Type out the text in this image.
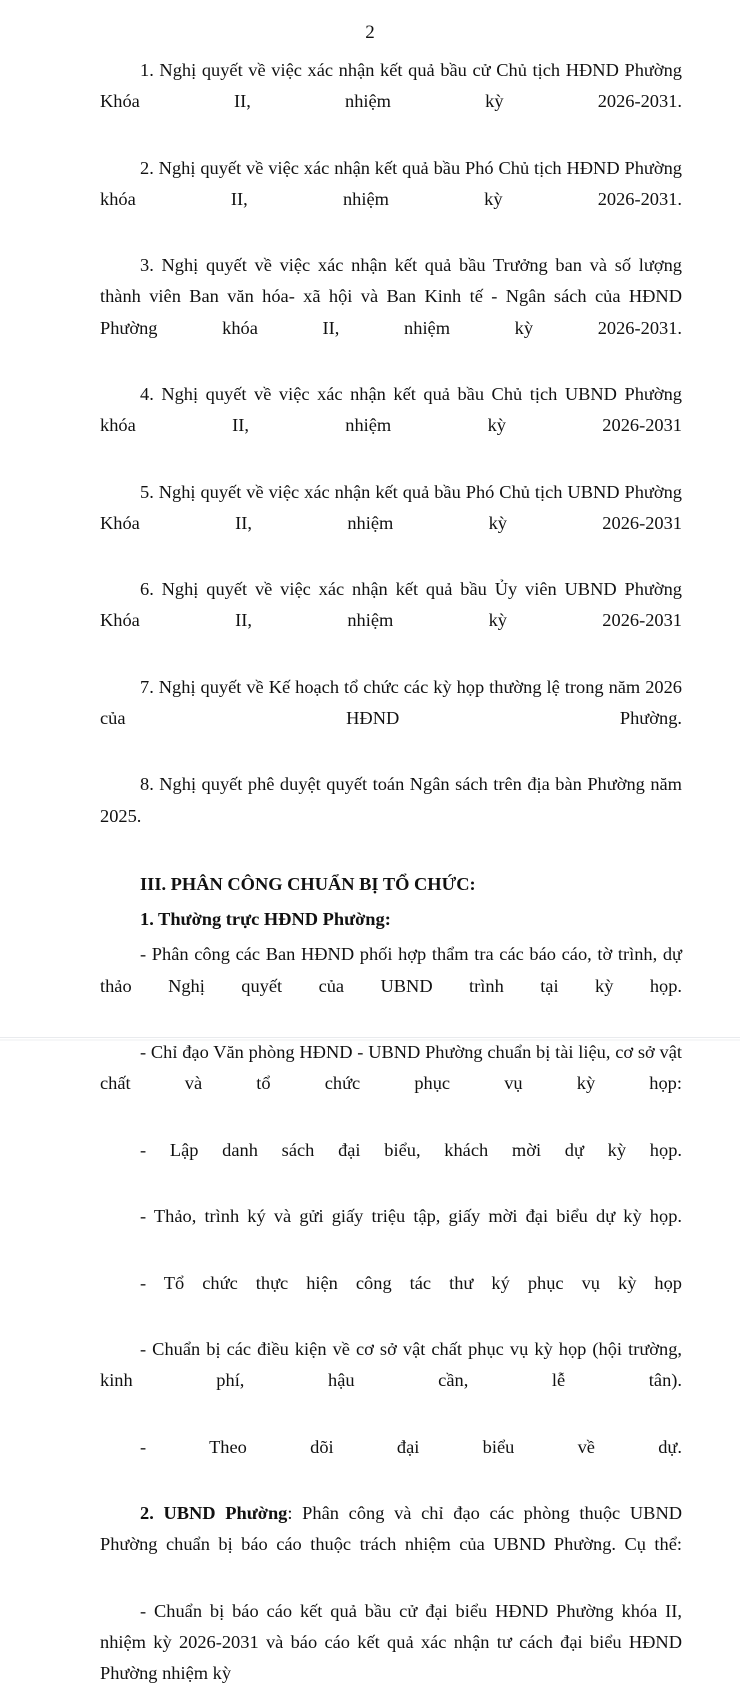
2

1. Nghị quyết về việc xác nhận kết quả bầu cử Chủ tịch HĐND Phường Khóa II, nhiệm kỳ 2026-2031.

2. Nghị quyết về việc xác nhận kết quả bầu Phó Chủ tịch HĐND Phường khóa II, nhiệm kỳ 2026-2031.

3. Nghị quyết về việc xác nhận kết quả bầu Trưởng ban và số lượng thành viên Ban văn hóa- xã hội và Ban Kinh tế - Ngân sách của HĐND Phường khóa II, nhiệm kỳ 2026-2031.

4. Nghị quyết về việc xác nhận kết quả bầu Chủ tịch UBND Phường khóa II, nhiệm kỳ 2026-2031

5. Nghị quyết về việc xác nhận kết quả bầu Phó Chủ tịch UBND Phường Khóa II, nhiệm kỳ 2026-2031

6. Nghị quyết về việc xác nhận kết quả bầu Ủy viên UBND Phường Khóa II, nhiệm kỳ 2026-2031

7. Nghị quyết về Kế hoạch tổ chức các kỳ họp thường lệ trong năm 2026 của HĐND Phường.

8. Nghị quyết phê duyệt quyết toán Ngân sách trên địa bàn Phường năm 2025.

III. PHÂN CÔNG CHUẨN BỊ TỔ CHỨC:

1. Thường trực HĐND Phường:

- Phân công các Ban HĐND phối hợp thẩm tra các báo cáo, tờ trình, dự thảo Nghị quyết của UBND trình tại kỳ họp.

- Chỉ đạo Văn phòng HĐND - UBND Phường chuẩn bị tài liệu, cơ sở vật chất và tổ chức phục vụ kỳ họp:

- Lập danh sách đại biểu, khách mời dự kỳ họp.

- Thảo, trình ký và gửi giấy triệu tập, giấy mời đại biểu dự kỳ họp.

- Tổ chức thực hiện công tác thư ký phục vụ kỳ họp

- Chuẩn bị các điều kiện về cơ sở vật chất phục vụ kỳ họp (hội trường, kinh phí, hậu cần, lễ tân).

- Theo dõi đại biểu về dự.

2. UBND Phường: Phân công và chỉ đạo các phòng thuộc UBND Phường chuẩn bị báo cáo thuộc trách nhiệm của UBND Phường. Cụ thể:

- Chuẩn bị báo cáo kết quả bầu cử đại biểu HĐND Phường khóa II, nhiệm kỳ 2026-2031 và báo cáo kết quả xác nhận tư cách đại biểu HĐND Phường nhiệm kỳ
